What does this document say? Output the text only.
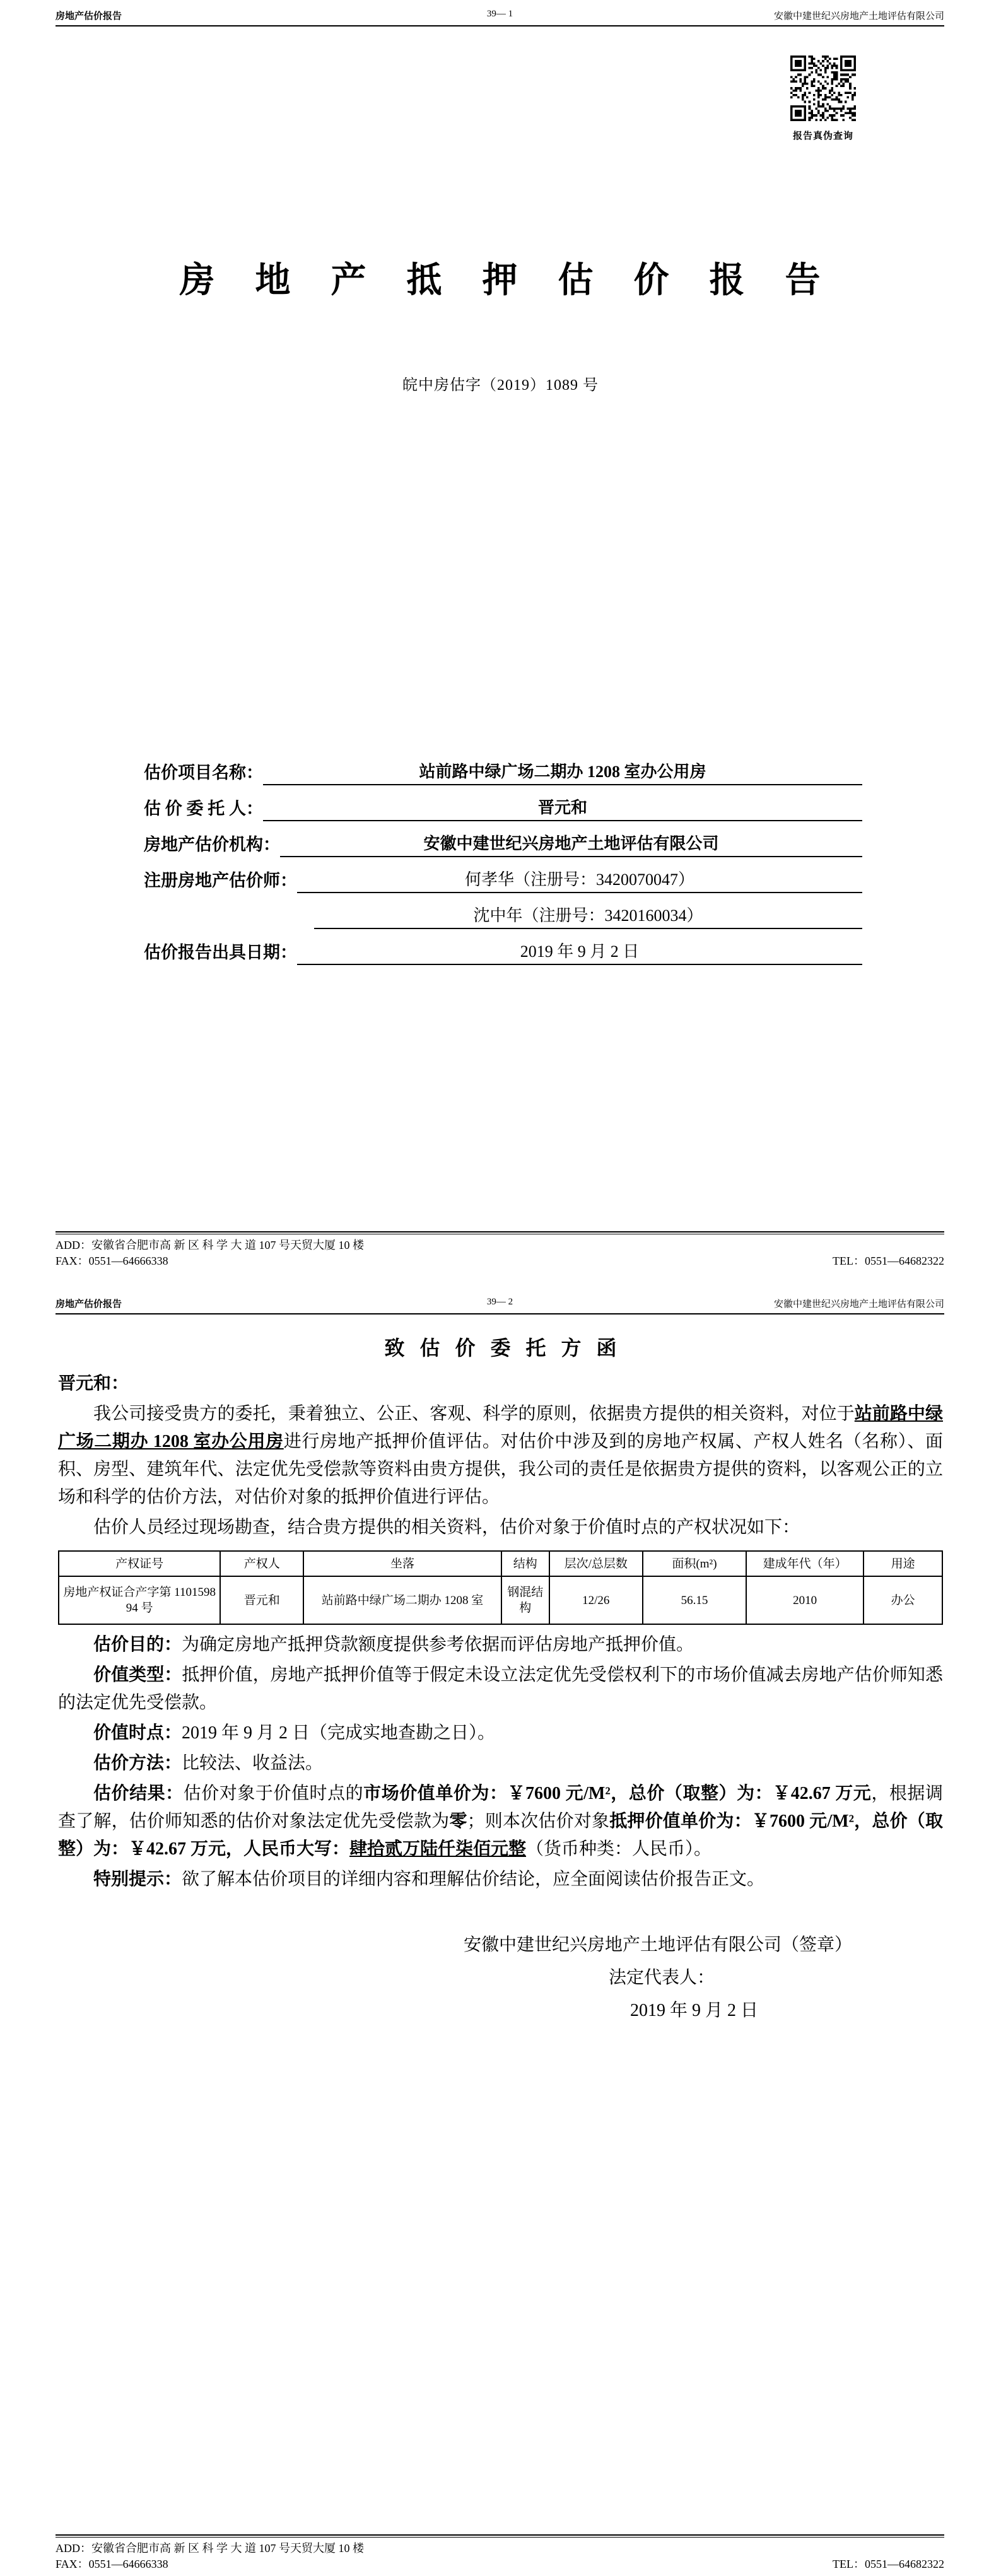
房地产估价报告	39— 1	安徽中建世纪兴房地产土地评估有限公司
报告真伪查询
房 地 产 抵 押 估 价 报 告
皖中房估字（2019）1089 号
估价项目名称：	站前路中绿广场二期办 1208 室办公用房
估 价 委 托 人：	晋元和
房地产估价机构：	安徽中建世纪兴房地产土地评估有限公司
注册房地产估价师：	何孝华（注册号：3420070047）
沈中年（注册号：3420160034）
估价报告出具日期：	2019 年 9 月 2 日
ADD：安徽省合肥市高 新 区 科 学 大 道 107 号天贸大厦 10 楼
FAX：0551—64666338	TEL：0551—64682322
房地产估价报告	39— 2	安徽中建世纪兴房地产土地评估有限公司
致 估 价 委 托 方 函
晋元和：

我公司接受贵方的委托，秉着独立、公正、客观、科学的原则，依据贵方提供的相关资料，对位于站前路中绿广场二期办 1208 室办公用房进行房地产抵押价值评估。对估价中涉及到的房地产权属、产权人姓名（名称）、面积、房型、建筑年代、法定优先受偿款等资料由贵方提供，我公司的责任是依据贵方提供的资料，以客观公正的立场和科学的估价方法，对估价对象的抵押价值进行评估。

估价人员经过现场勘查，结合贵方提供的相关资料，估价对象于价值时点的产权状况如下：

产权证号	产权人	坐落	结构	层次/总层数	面积(m²)	建成年代（年）	用途
房地产权证合产字第 110159894 号	晋元和	站前路中绿广场二期办 1208 室	钢混结构	12/26	56.15	2010	办公

估价目的：为确定房地产抵押贷款额度提供参考依据而评估房地产抵押价值。

价值类型：抵押价值，房地产抵押价值等于假定未设立法定优先受偿权利下的市场价值减去房地产估价师知悉的法定优先受偿款。

价值时点：2019 年 9 月 2 日（完成实地查勘之日）。

估价方法：比较法、收益法。

估价结果：估价对象于价值时点的市场价值单价为：￥7600 元/M²，总价（取整）为：￥42.67 万元，根据调查了解，估价师知悉的估价对象法定优先受偿款为零；则本次估价对象抵押价值单价为：￥7600 元/M²，总价（取整）为：￥42.67 万元，人民币大写：肆拾贰万陆仟柒佰元整（货币种类：人民币）。

特别提示：欲了解本估价项目的详细内容和理解估价结论，应全面阅读估价报告正文。

安徽中建世纪兴房地产土地评估有限公司（签章）
法定代表人：
2019 年 9 月 2 日
ADD：安徽省合肥市高 新 区 科 学 大 道 107 号天贸大厦 10 楼
FAX：0551—64666338	TEL：0551—64682322
